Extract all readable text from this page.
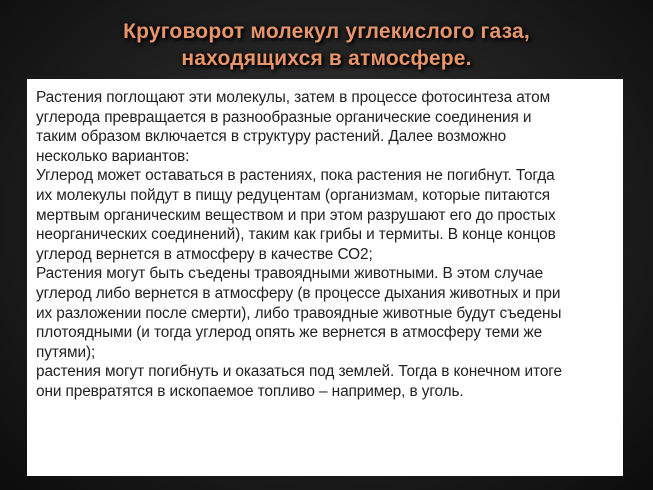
Круговорот молекул углекислого газа,
находящихся в атмосфере.

Растения поглощают эти молекулы, затем в процессе фотосинтеза атом
углерода превращается в разнообразные органические соединения и
таким образом включается в структуру растений. Далее возможно
несколько вариантов:
Углерод может оставаться в растениях, пока растения не погибнут. Тогда
их молекулы пойдут в пищу редуцентам (организмам, которые питаются
мертвым органическим веществом и при этом разрушают его до простых
неорганических соединений), таким как грибы и термиты. В конце концов
углерод вернется в атмосферу в качестве СО2;
Растения могут быть съедены травоядными животными. В этом случае
углерод либо вернется в атмосферу (в процессе дыхания животных и при
их разложении после смерти), либо травоядные животные будут съедены
плотоядными (и тогда углерод опять же вернется в атмосферу теми же
путями);
растения могут погибнуть и оказаться под землей. Тогда в конечном итоге
они превратятся в ископаемое топливо – например, в уголь.
